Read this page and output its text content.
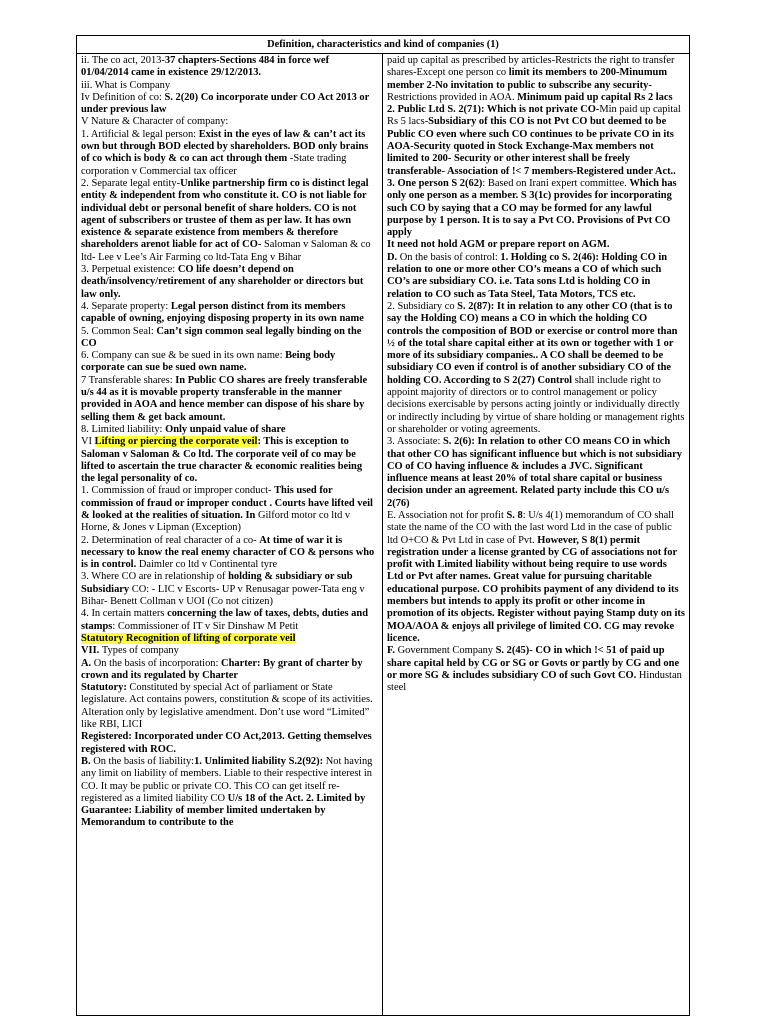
Definition, characteristics and kind of companies (1)

ii. The co act, 2013-37 chapters-Sections 484 in force wef 01/04/2014 came in existence 29/12/2013.

iii. What is Company

Iv Definition of co: S. 2(20) Co incorporate under CO Act 2013 or under previous law

V Nature & Character of company:

1. Artificial & legal person: Exist in the eyes of law & can’t act its own but through BOD elected by shareholders. BOD only brains of co which is body & co can act through them -State trading corporation v Commercial tax officer

2. Separate legal entity-Unlike partnership firm co is distinct legal entity & independent from who constitute it. CO is not liable for individual debt or personal benefit of share holders. CO is not agent of subscribers or trustee of them as per law. It has own existence & separate existence from members & therefore shareholders arenot liable for act of CO- Saloman v Saloman & co ltd- Lee v Lee’s Air Farming co ltd-Tata Eng v Bihar

3. Perpetual existence: CO life doesn’t depend on death/insolvency/retirement of any shareholder or directors but law only.

4. Separate property: Legal person distinct from its members capable of owning, enjoying disposing property in its own name

5. Common Seal: Can’t sign common seal legally binding on the CO

6. Company can sue & be sued in its own name: Being body corporate can sue be sued own name.

7 Transferable shares: In Public CO shares are freely transferable u/s 44 as it is movable property transferable in the manner provided in AOA and hence member can dispose of his share by selling them & get back amount.

8. Limited liability: Only unpaid value of share

VI Lifting or piercing the corporate veil: This is exception to Saloman v Saloman & Co ltd. The corporate veil of co may be lifted to ascertain the true character & economic realities being the legal personality of co.

1. Commission of fraud or improper conduct- This used for commission of fraud or improper conduct . Courts have lifted veil & looked at the realities of situation. In Gilford motor co ltd v Horne, & Jones v Lipman (Exception)

2. Determination of real character of a co- At time of war it is necessary to know the real enemy character of CO & persons who is in control. Daimler co ltd v Continental tyre

3. Where CO are in relationship of holding & subsidiary or sub Subsidiary CO: - LIC v Escorts- UP v Renusagar power-Tata eng v Bihar- Benett Collman v UOI (Co not citizen)

4. In certain matters concerning the law of taxes, debts, duties and stamps: Commissioner of IT v Sir Dinshaw M Petit

Statutory Recognition of lifting of corporate veil

VII. Types of company

A. On the basis of incorporation: Charter: By grant of charter by crown and its regulated by Charter

Statutory: Constituted by special Act of parliament or State legislature. Act contains powers, constitution & scope of its activities. Alteration only by legislative amendment. Don’t use word “Limited” like RBI, LICI

Registered: Incorporated under CO Act,2013. Getting themselves registered with ROC.

B. On the basis of liability:1. Unlimited liability S.2(92): Not having any limit on liability of members. Liable to their respective interest in CO. It may be public or private CO. This CO can get itself re-registered as a limited liability CO U/s 18 of the Act. 2. Limited by Guarantee: Liability of member limited undertaken by Memorandum to contribute to the

paid up capital as prescribed by articles-Restricts the right to transfer shares-Except one person co limit its members to 200-Minumum member 2-No invitation to public to subscribe any security-Restrictions provided in AOA. Minimum paid up capital Rs 2 lacs

2. Public Ltd S. 2(71): Which is not private CO-Min paid up capital Rs 5 lacs-Subsidiary of this CO is not Pvt CO but deemed to be Public CO even where such CO continues to be private CO in its AOA-Security quoted in Stock Exchange-Max members not limited to 200- Security or other interest shall be freely transferable- Association of !< 7 members-Registered under Act..

3. One person S 2(62): Based on Irani expert committee. Which has only one person as a member. S 3(1c) provides for incorporating such CO by saying that a CO may be formed for any lawful purpose by 1 person. It is to say a Pvt CO. Provisions of Pvt CO apply

It need not hold AGM or prepare report on AGM.

D. On the basis of control: 1. Holding co S. 2(46): Holding CO in relation to one or more other CO’s means a CO of which such CO’s are subsidiary CO. i.e. Tata sons Ltd is holding CO in relation to CO such as Tata Steel, Tata Motors, TCS etc.

2. Subsidiary co S. 2(87): It in relation to any other CO (that is to say the Holding CO) means a CO in which the holding CO controls the composition of BOD or exercise or control more than ½ of the total share capital either at its own or together with 1 or more of its subsidiary companies.. A CO shall be deemed to be subsidiary CO even if control is of another subsidiary CO of the holding CO. According to S 2(27) Control shall include right to appoint majority of directors or to control management or policy decisions exercisable by persons acting jointly or individually directly or indirectly including by virtue of share holding or management rights or shareholder or voting agreements.

3. Associate: S. 2(6): In relation to other CO means CO in which that other CO has significant influence but which is not subsidiary CO of CO having influence & includes a JVC. Significant influence means at least 20% of total share capital or business decision under an agreement. Related party include this CO u/s 2(76)

E. Association not for profit S. 8: U/s 4(1) memorandum of CO shall state the name of the CO with the last word Ltd in the case of public ltd O+CO & Pvt Ltd in case of Pvt. However, S 8(1) permit registration under a license granted by CG of associations not for profit with Limited liability without being require to use words Ltd or Pvt after names. Great value for pursuing charitable educational purpose. CO prohibits payment of any dividend to its members but intends to apply its profit or other income in promotion of its objects. Register without paying Stamp duty on its MOA/AOA & enjoys all privilege of limited CO. CG may revoke licence.

F. Government Company S. 2(45)- CO in which !< 51 of paid up share capital held by CG or SG or Govts or partly by CG and one or more SG & includes subsidiary CO of such Govt CO. Hindustan steel
